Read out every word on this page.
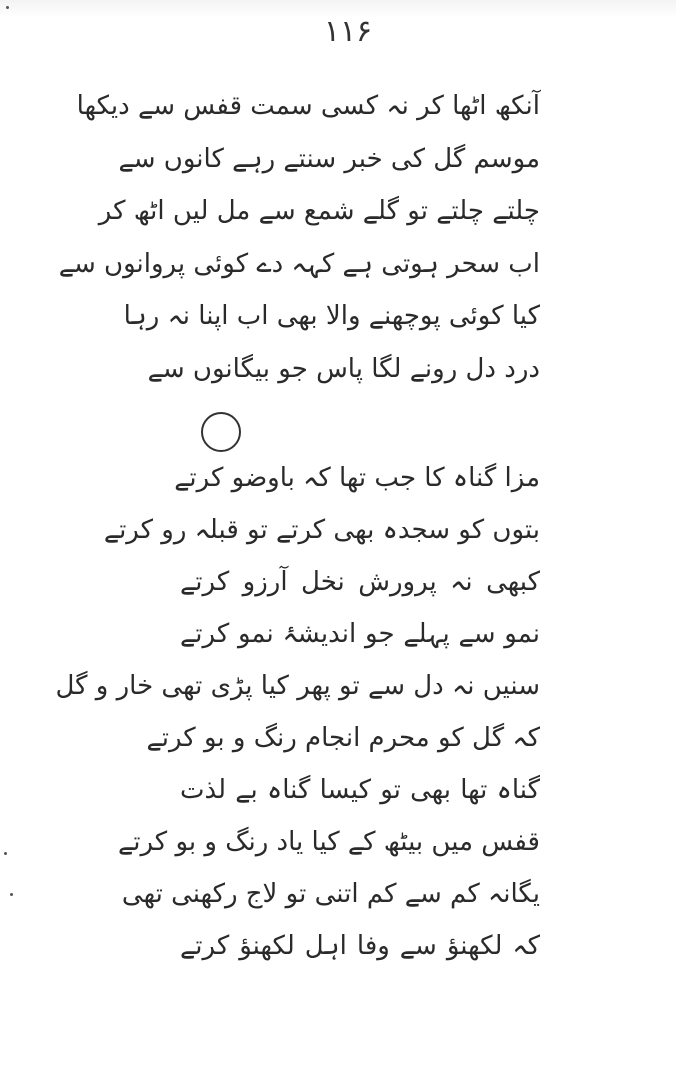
۱۱۶
آنکھ اٹھا کر نہ کسی سمت قفس سے دیکھا
موسم گل کی خبر سنتے رہے کانوں سے
چلتے چلتے تو گلے شمع سے مل لیں اٹھ کر
اب سحر ہوتی ہے کہہ دے کوئی پروانوں سے
کیا کوئی پوچھنے والا بھی اب اپنا نہ رہا
درد دل رونے لگا پاس جو بیگانوں سے
مزا گناہ کا جب تھا کہ باوضو کرتے
بتوں کو سجدہ بھی کرتے تو قبلہ رو کرتے
کبھی نہ پرورش نخل آرزو کرتے
نمو سے پہلے جو اندیشۂ نمو کرتے
سنیں نہ دل سے تو پھر کیا پڑی تھی خار و گل
کہ گل کو محرم انجام رنگ و بو کرتے
گناہ تھا بھی تو کیسا گناہ بے لذت
قفس میں بیٹھ کے کیا یاد رنگ و بو کرتے
یگانہ کم سے کم اتنی تو لاج رکھنی تھی
کہ لکھنؤ سے وفا اہل لکھنؤ کرتے
